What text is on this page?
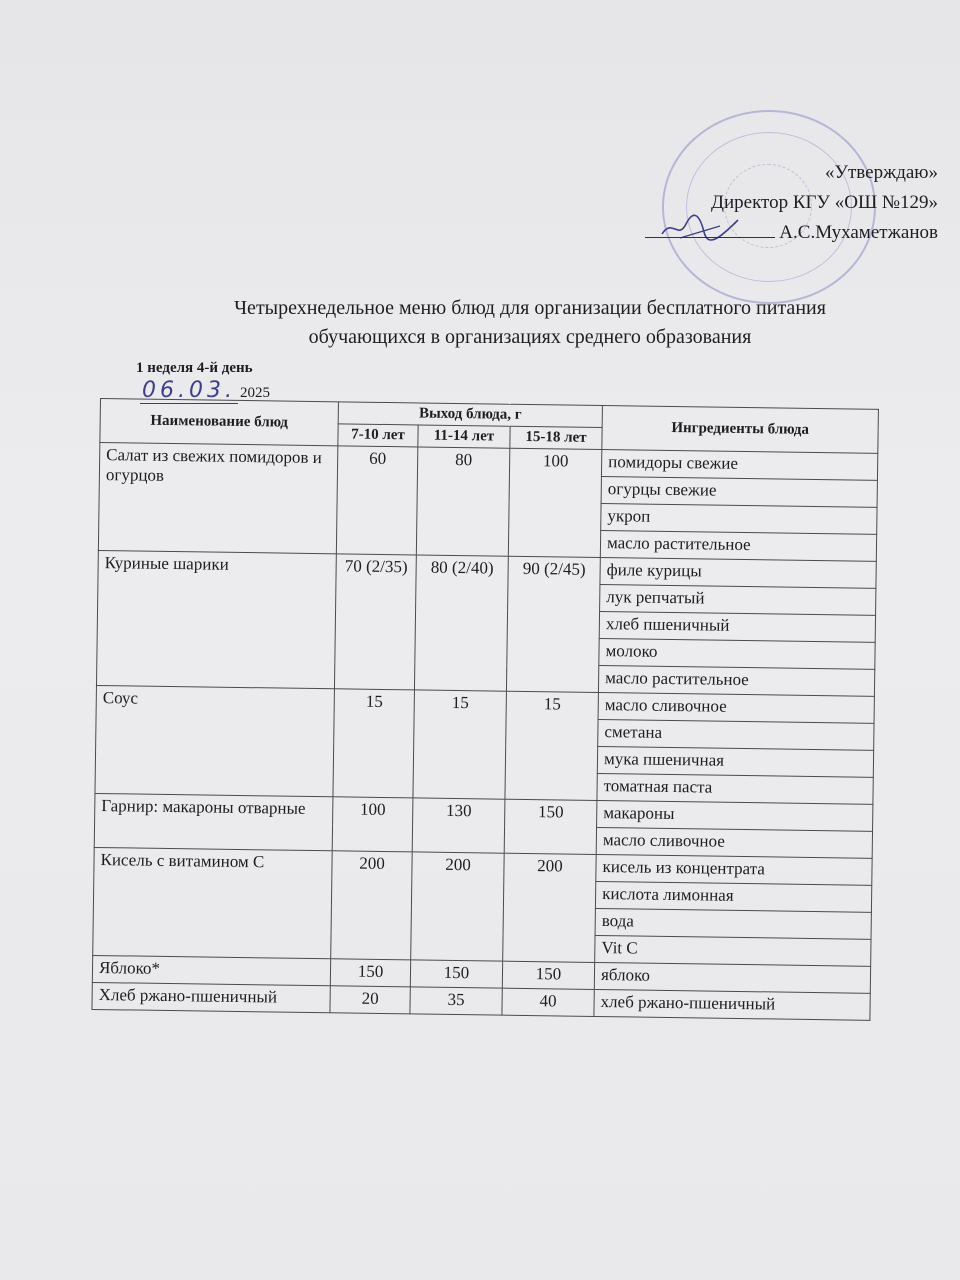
«Утверждаю»
Директор КГУ «ОШ №129»
А.С.Мухаметжанов
Четырехнедельное меню блюд для организации бесплатного питания
обучающихся в организациях среднего образования
1 неделя 4-й день
06.03. 2025
Наименование блюд	Выход блюда, г			Ингредиенты блюда
	7-10 лет	11-14 лет	15-18 лет	
Салат из свежих помидоров и огурцов	60	80	100	помидоры свежие
				огурцы свежие
				укроп
				масло растительное
Куриные шарики	70 (2/35)	80 (2/40)	90 (2/45)	филе курицы
				лук репчатый
				хлеб пшеничный
				молоко
				масло растительное
Соус	15	15	15	масло сливочное
				сметана
				мука пшеничная
				томатная паста
Гарнир: макароны отварные	100	130	150	макароны
				масло сливочное
Кисель с витамином С	200	200	200	кисель из концентрата
				кислота лимонная
				вода
				Vit C
Яблоко*	150	150	150	яблоко
Хлеб ржано-пшеничный	20	35	40	хлеб ржано-пшеничный
